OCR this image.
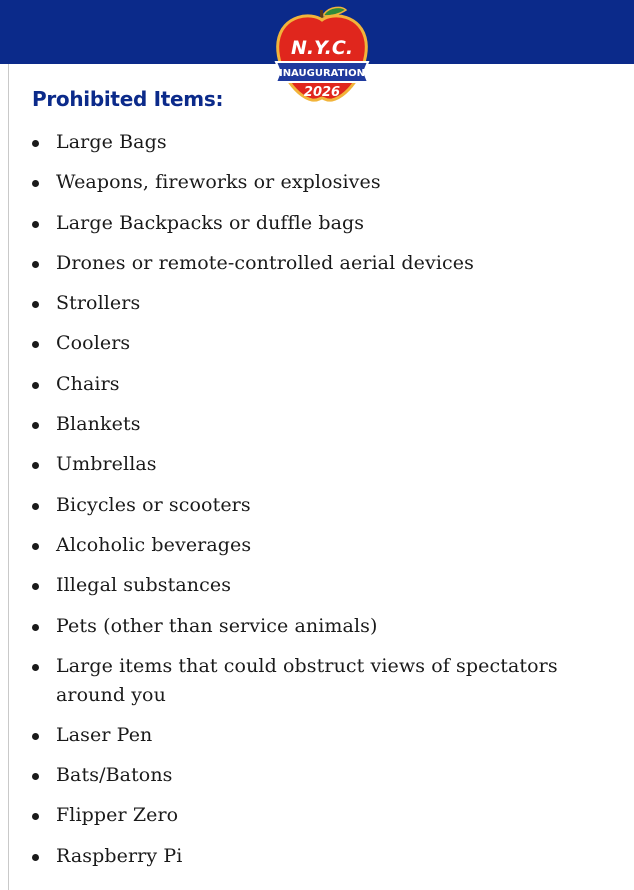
N.Y.C.
INAUGURATION
2026
Prohibited Items:
Large Bags
Weapons, fireworks or explosives
Large Backpacks or duffle bags
Drones or remote-controlled aerial devices
Strollers
Coolers
Chairs
Blankets
Umbrellas
Bicycles or scooters
Alcoholic beverages
Illegal substances
Pets (other than service animals)
Large items that could obstruct views of spectators around you
Laser Pen
Bats/Batons
Flipper Zero
Raspberry Pi
